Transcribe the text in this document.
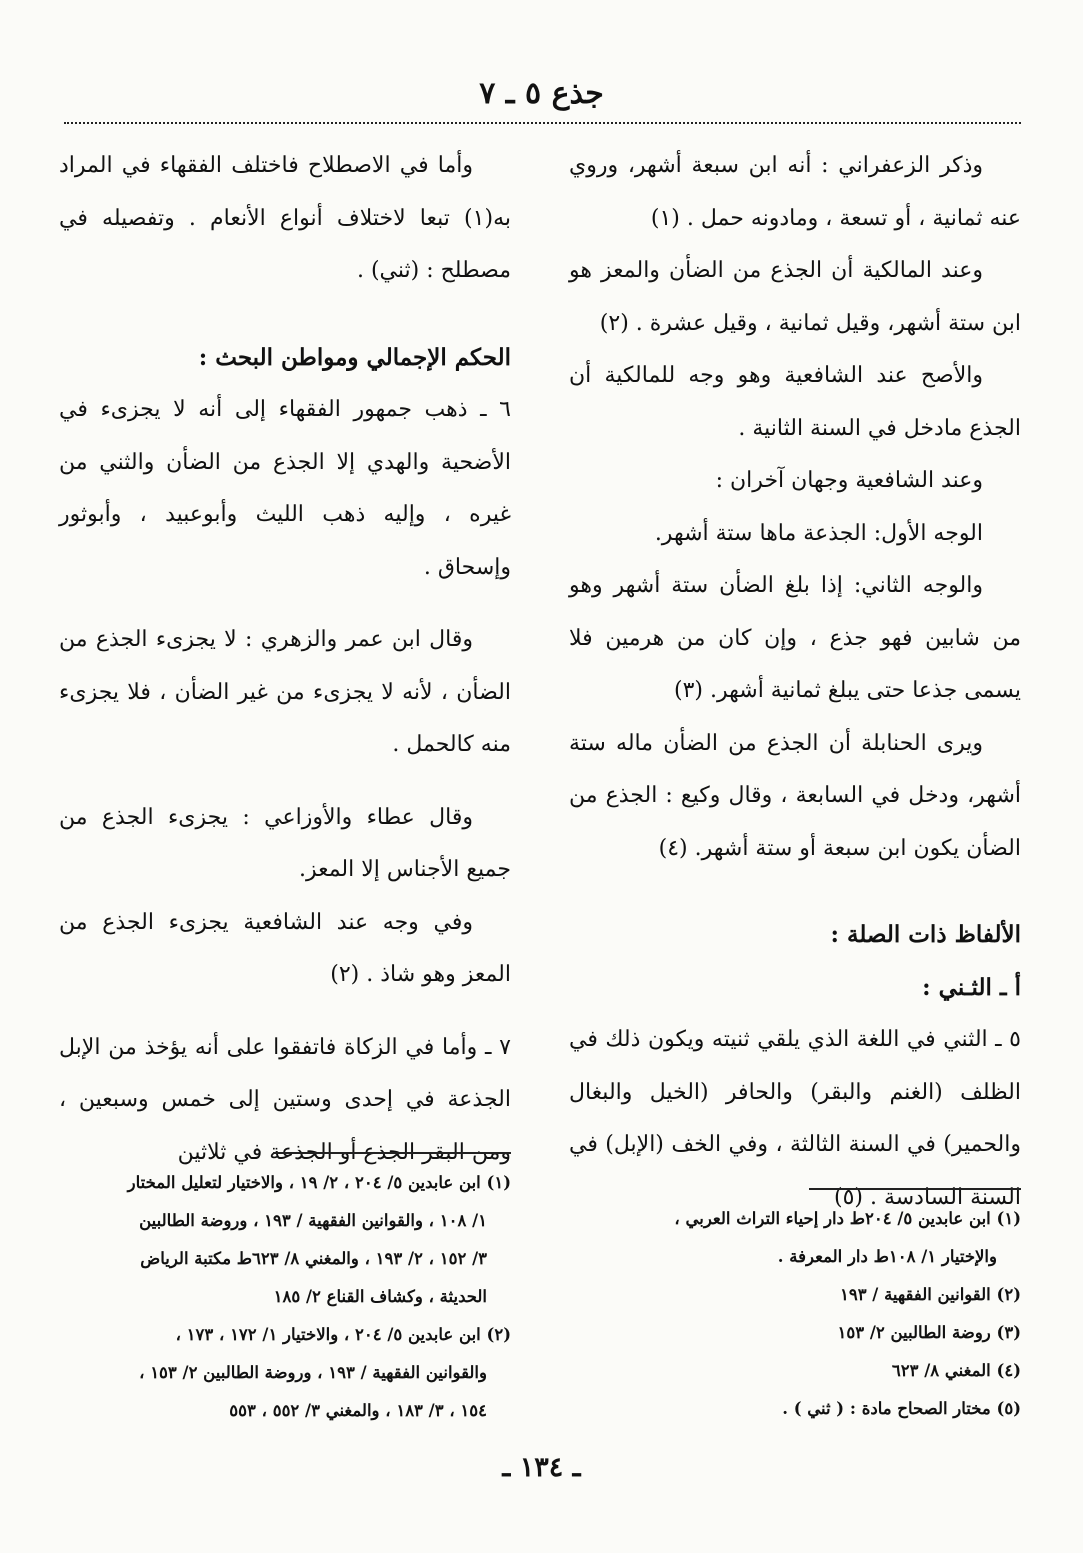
جذع ٥ ـ ٧

وذكر الزعفراني : أنه ابن سبعة أشهر، وروي عنه ثمانية ، أو تسعة ، ومادونه حمل . (١)

وعند المالكية أن الجذع من الضأن والمعز هو ابن ستة أشهر، وقيل ثمانية ، وقيل عشرة . (٢)

والأصح عند الشافعية وهو وجه للمالكية أن الجذع مادخل في السنة الثانية .

وعند الشافعية وجهان آخران :

الوجه الأول: الجذعة ماها ستة أشهر.

والوجه الثاني: إذا بلغ الضأن ستة أشهر وهو من شابين فهو جذع ، وإن كان من هرمين فلا يسمى جذعا حتى يبلغ ثمانية أشهر. (٣)

ويرى الحنابلة أن الجذع من الضأن ماله ستة أشهر، ودخل في السابعة ، وقال وكيع : الجذع من الضأن يكون ابن سبعة أو ستة أشهر. (٤)

الألفاظ ذات الصلة :
أ ـ الثـني :

٥ ـ الثني في اللغة الذي يلقي ثنيته ويكون ذلك في الظلف (الغنم والبقر) والحافر (الخيل والبغال والحمير) في السنة الثالثة ، وفي الخف (الإبل) في السنة السادسة . (٥)

وأما في الاصطلاح فاختلف الفقهاء في المراد به(١) تبعا لاختلاف أنواع الأنعام . وتفصيله في مصطلح : (ثني) .

الحكم الإجمالي ومواطن البحث :

٦ ـ ذهب جمهور الفقهاء إلى أنه لا يجزىء في الأضحية والهدي إلا الجذع من الضأن والثني من غيره ، وإليه ذهب الليث وأبوعبيد ، وأبوثور وإسحاق .

وقال ابن عمر والزهري : لا يجزىء الجذع من الضأن ، لأنه لا يجزىء من غير الضأن ، فلا يجزىء منه كالحمل .

وقال عطاء والأوزاعي : يجزىء الجذع من جميع الأجناس إلا المعز.

وفي وجه عند الشافعية يجزىء الجذع من المعز وهو شاذ . (٢)

٧ ـ وأما في الزكاة فاتفقوا على أنه يؤخذ من الإبل الجذعة في إحدى وستين إلى خمس وسبعين ، ومن البقر الجذع أو الجذعة في ثلاثين

(١) ابن عابدين ٥/ ٢٠٤ط دار إحياء التراث العربي ،

والإختيار ١/ ١٠٨ط دار المعرفة .

(٢) القوانين الفقهية / ١٩٣

(٣) روضة الطالبين ٢/ ١٥٣

(٤) المغني ٨/ ٦٢٣

(٥) مختار الصحاح مادة : ( ثني ) .

(١) ابن عابدين ٥/ ٢٠٤ ، ٢/ ١٩ ، والاختيار لتعليل المختار

١/ ١٠٨ ، والقوانين الفقهية / ١٩٣ ، وروضة الطالبين

٣/ ١٥٢ ، ٢/ ١٩٣ ، والمغني ٨/ ٦٢٣ط مكتبة الرياض

الحديثة ، وكشاف القناع ٢/ ١٨٥

(٢) ابن عابدين ٥/ ٢٠٤ ، والاختيار ١/ ١٧٢ ، ١٧٣ ،

والقوانين الفقهية / ١٩٣ ، وروضة الطالبين ٢/ ١٥٣ ،

١٥٤ ، ٣/ ١٨٣ ، والمغني ٣/ ٥٥٢ ، ٥٥٣

ـ ١٣٤ ـ
